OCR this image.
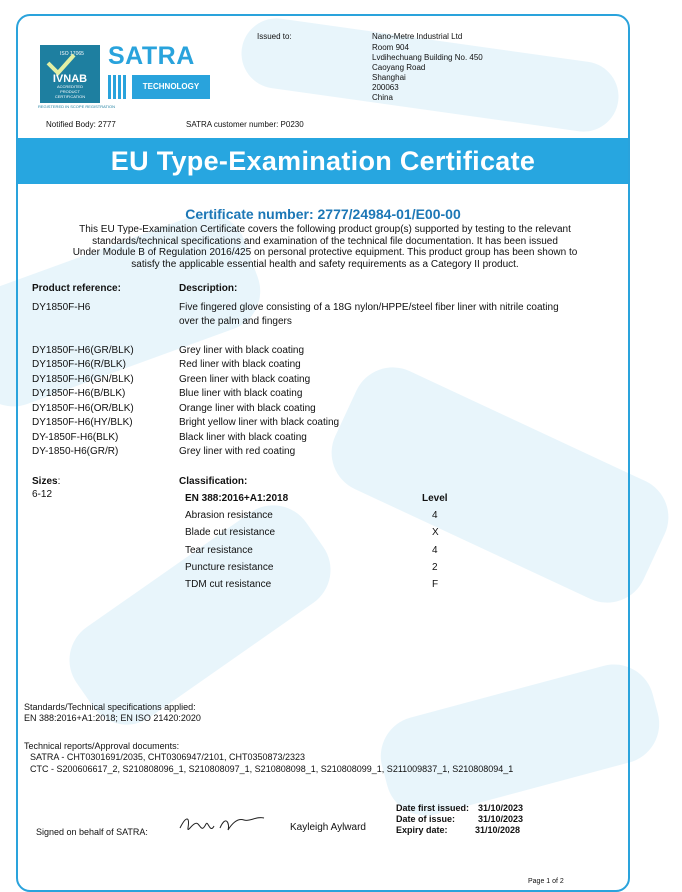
ISO 17065
IVNAB
ACCREDITED
PRODUCT
CERTIFICATION
REGISTERED IN SCOPE REGISTRATION
SATRA
TECHNOLOGY
Issued to:	Nano-Metre Industrial Ltd
Room 904
Lvdihechuang Building No. 450
Caoyang Road
Shanghai
200063
China
Notified Body: 2777	SATRA customer number: P0230
EU Type-Examination Certificate
Certificate number: 2777/24984-01/E00-00
This EU Type-Examination Certificate covers the following product group(s) supported by testing to the relevant
standards/technical specifications and examination of the technical file documentation. It has been issued
Under Module B of Regulation 2016/425 on personal protective equipment. This product group has been shown to
satisfy the applicable essential health and safety requirements as a Category II product.
Product reference:	Description:
DY1850F-H6	Five fingered glove consisting of a 18G nylon/HPPE/steel fiber liner with nitrile coating
over the palm and fingers
DY1850F-H6(GR/BLK)	Grey liner with black coating
DY1850F-H6(R/BLK)	Red liner with black coating
DY1850F-H6(GN/BLK)	Green liner with black coating
DY1850F-H6(B/BLK)	Blue liner with black coating
DY1850F-H6(OR/BLK)	Orange liner with black coating
DY1850F-H6(HY/BLK)	Bright yellow liner with black coating
DY-1850F-H6(BLK)	Black liner with black coating
DY-1850-H6(GR/R)	Grey liner with red coating
Sizes:
6-12
Classification:
EN 388:2016+A1:2018	Level
Abrasion resistance	4
Blade cut resistance	X
Tear resistance	4
Puncture resistance	2
TDM cut resistance	F
Standards/Technical specifications applied:
EN 388:2016+A1:2018; EN ISO 21420:2020
Technical reports/Approval documents:
SATRA - CHT0301691/2035, CHT0306947/2101, CHT0350873/2323
CTC - S200606617_2, S210808096_1, S210808097_1, S210808098_1, S210808099_1, S211009837_1, S210808094_1
Date first issued: 31/10/2023
Date of issue:	31/10/2023
Expiry date:	31/10/2028
Signed on behalf of SATRA:	Kayleigh Aylward
Page 1 of 2
